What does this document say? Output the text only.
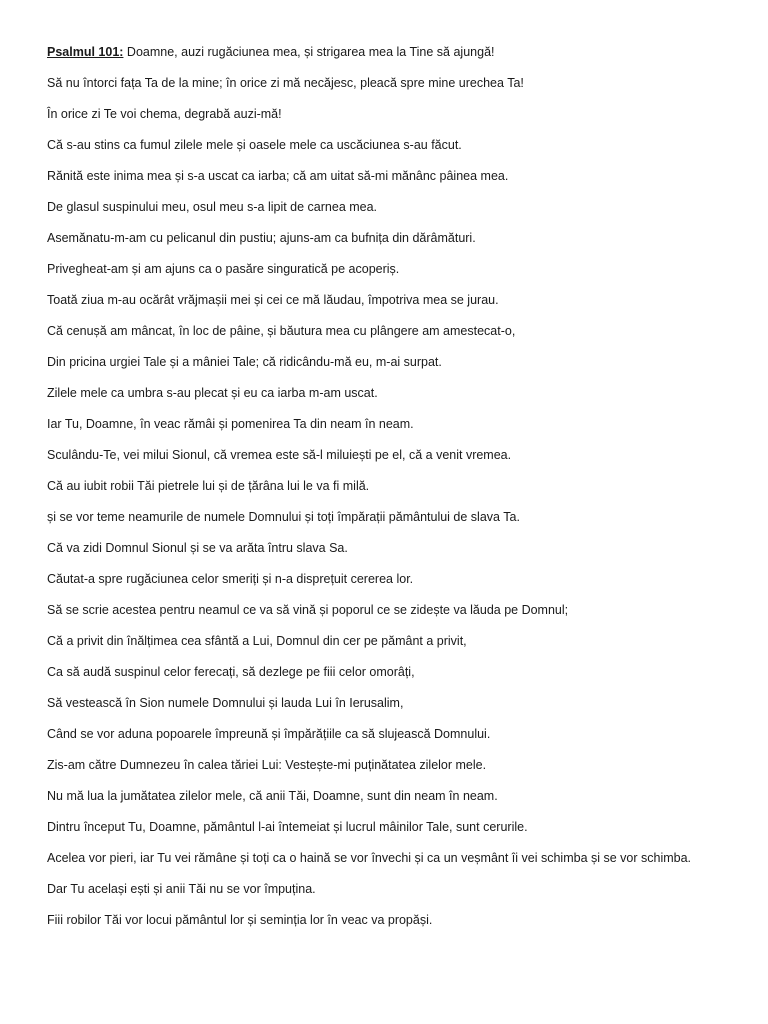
Psalmul 101: Doamne, auzi rugăciunea mea, și strigarea mea la Tine să ajungă!

Să nu întorci fața Ta de la mine; în orice zi mă necăjesc, pleacă spre mine urechea Ta!

În orice zi Te voi chema, degrabă auzi-mă!

Că s-au stins ca fumul zilele mele și oasele mele ca uscăciunea s-au făcut.

Rănită este inima mea și s-a uscat ca iarba; că am uitat să-mi mănânc pâinea mea.

De glasul suspinului meu, osul meu s-a lipit de carnea mea.

Asemănatu-m-am cu pelicanul din pustiu; ajuns-am ca bufnița din dărâmături.

Privegheat-am și am ajuns ca o pasăre singuratică pe acoperiș.

Toată ziua m-au ocărât vrăjmașii mei și cei ce mă lăudau, împotriva mea se jurau.

Că cenușă am mâncat, în loc de pâine, și băutura mea cu plângere am amestecat-o,

Din pricina urgiei Tale și a mâniei Tale; că ridicându-mă eu, m-ai surpat.

Zilele mele ca umbra s-au plecat și eu ca iarba m-am uscat.

Iar Tu, Doamne, în veac rămâi și pomenirea Ta din neam în neam.

Sculându-Te, vei milui Sionul, că vremea este să-l miluiești pe el, că a venit vremea.

Că au iubit robii Tăi pietrele lui și de țărâna lui le va fi milă.

și se vor teme neamurile de numele Domnului și toți împărații pământului de slava Ta.

Că va zidi Domnul Sionul și se va arăta întru slava Sa.

Căutat-a spre rugăciunea celor smeriți și n-a disprețuit cererea lor.

Să se scrie acestea pentru neamul ce va să vină și poporul ce se zidește va lăuda pe Domnul;

Că a privit din înălțimea cea sfântă a Lui, Domnul din cer pe pământ a privit,

Ca să audă suspinul celor ferecați, să dezlege pe fiii celor omorâți,

Să vestească în Sion numele Domnului și lauda Lui în Ierusalim,

Când se vor aduna popoarele împreună și împărățiile ca să slujească Domnului.

Zis-am către Dumnezeu în calea tăriei Lui: Vestește-mi puținătatea zilelor mele.

Nu mă lua la jumătatea zilelor mele, că anii Tăi, Doamne, sunt din neam în neam.

Dintru început Tu, Doamne, pământul l-ai întemeiat și lucrul mâinilor Tale, sunt cerurile.

Acelea vor pieri, iar Tu vei rămâne și toți ca o haină se vor învechi și ca un veșmânt îi vei schimba și se vor schimba.

Dar Tu același ești și anii Tăi nu se vor împuțina.

Fiii robilor Tăi vor locui pământul lor și seminția lor în veac va propăși.
